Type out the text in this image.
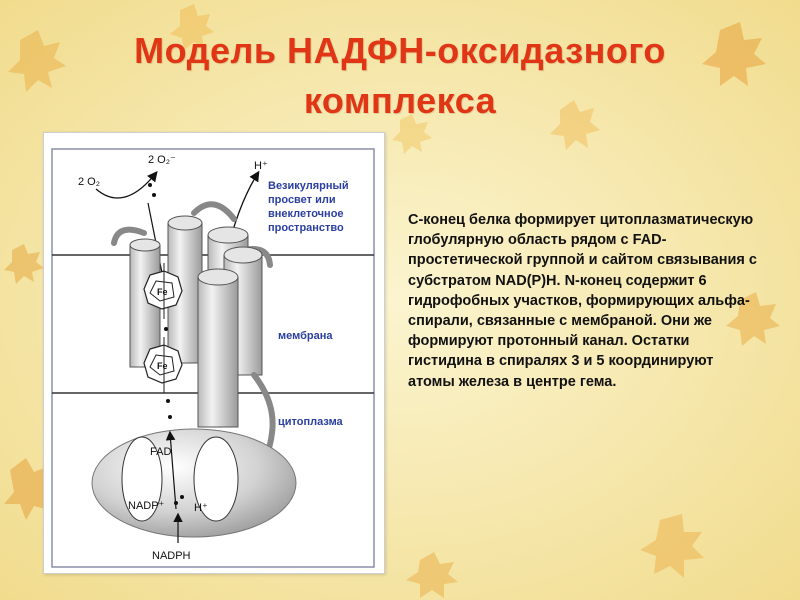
Модель НАДФН-оксидазного
комплекса
Везикулярный
просвет или
внеклеточное
пространство
мембрана
цитоплазма
2 O₂
2 O₂⁻	H⁺
Fe
Fe
FAD
NADP⁺	H⁺
NADPH
С-конец белка формирует цитоплазматическую глобулярную область рядом с FAD-простетической группой и сайтом связывания с субстратом NAD(P)H. N-конец содержит 6 гидрофобных участков, формирующих альфа-спирали, связанные с мембраной. Они же формируют протонный канал. Остатки гистидина в спиралях 3 и 5 координируют атомы железа в центре гема.
